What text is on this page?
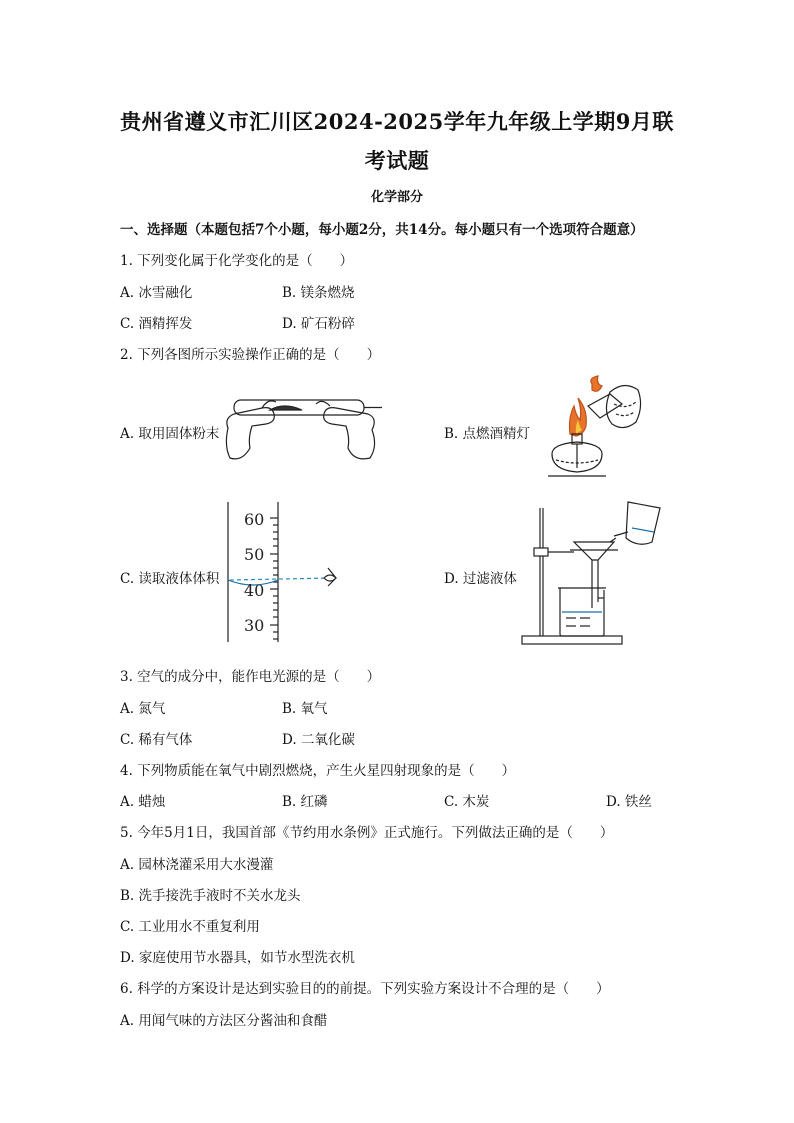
贵州省遵义市汇川区2024-2025学年九年级上学期9月联
考试题
化学部分
一、选择题（本题包括7个小题，每小题2分，共14分。每小题只有一个选项符合题意）
1. 下列变化属于化学变化的是（　　）
A. 冰雪融化	B. 镁条燃烧
C. 酒精挥发	D. 矿石粉碎
2. 下列各图所示实验操作正确的是（　　）
A. 取用固体粉末	B. 点燃酒精灯
C. 读取液体体积	D. 过滤液体
60
50
40
30
3. 空气的成分中，能作电光源的是（　　）
A. 氮气	B. 氧气
C. 稀有气体	D. 二氧化碳
4. 下列物质能在氧气中剧烈燃烧，产生火星四射现象的是（　　）
A. 蜡烛	B. 红磷	C. 木炭	D. 铁丝
5. 今年5月1日，我国首部《节约用水条例》正式施行。下列做法正确的是（　　）
A. 园林浇灌采用大水漫灌
B. 洗手接洗手液时不关水龙头
C. 工业用水不重复利用
D. 家庭使用节水器具，如节水型洗衣机
6. 科学的方案设计是达到实验目的的前提。下列实验方案设计不合理的是（　　）
A. 用闻气味的方法区分酱油和食醋
